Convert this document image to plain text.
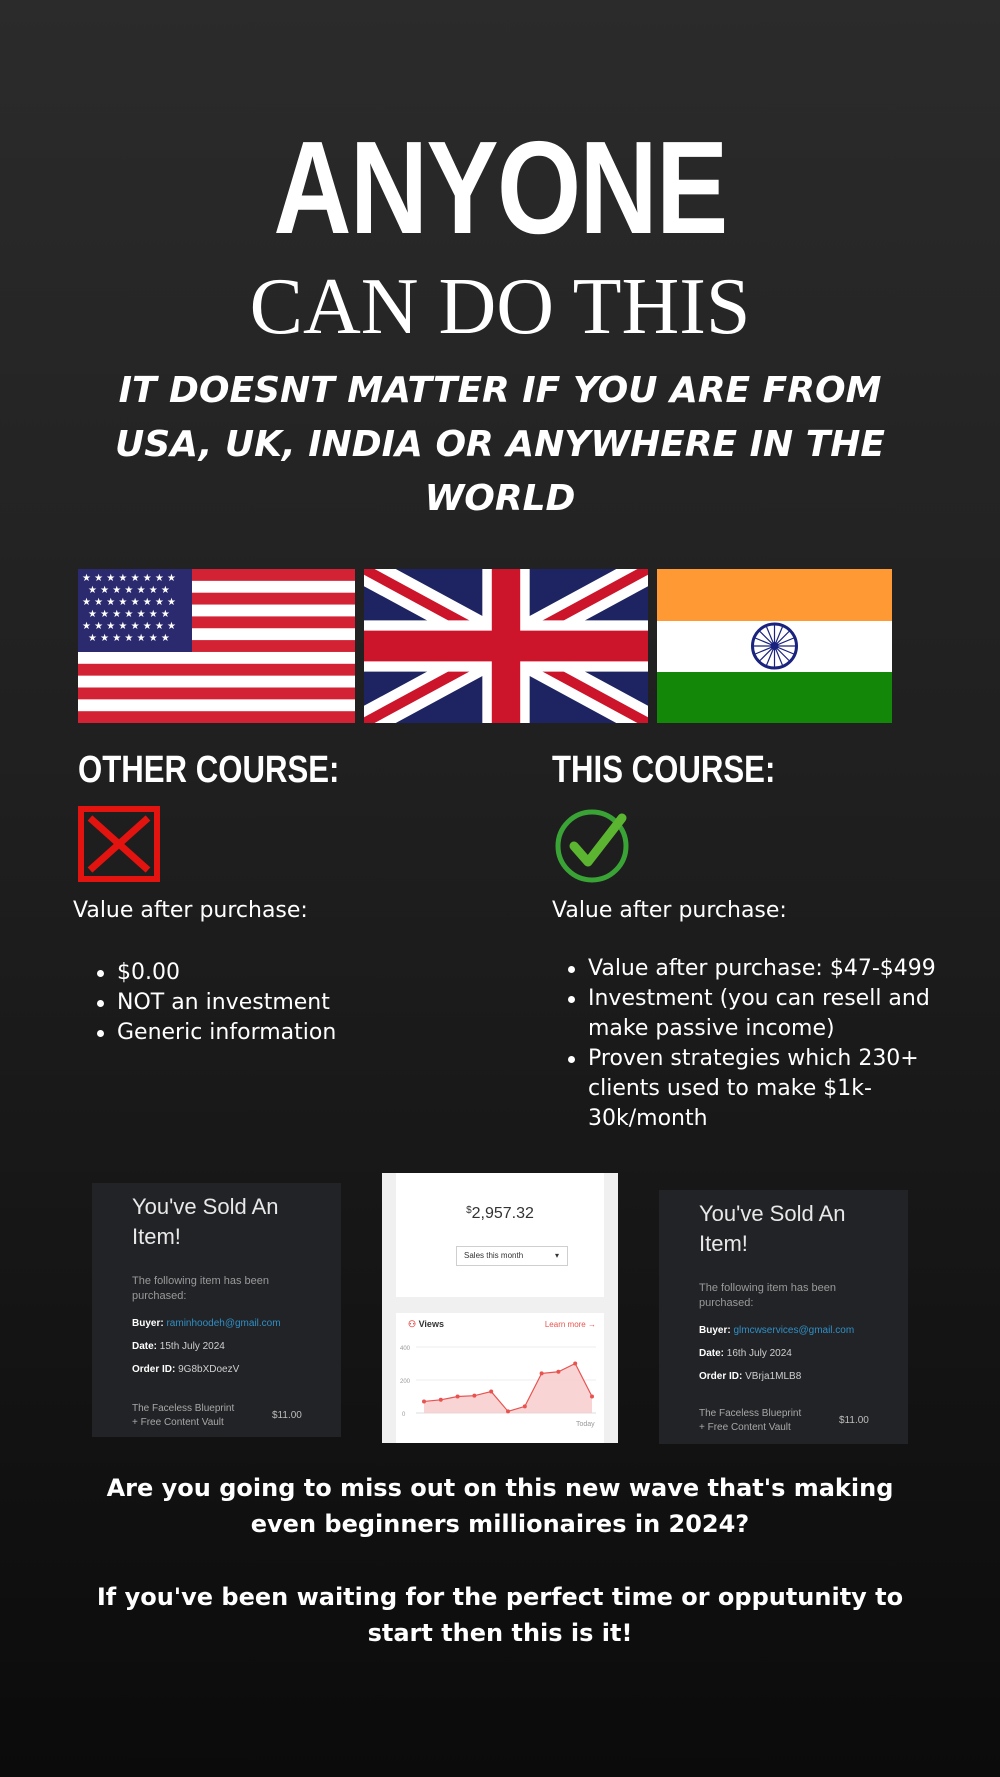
ANYONE
CAN DO THIS
IT DOESNT MATTER IF YOU ARE FROM USA, UK, INDIA OR ANYWHERE IN THE WORLD
★ ★ ★ ★ ★ ★ ★ ★
★ ★ ★ ★ ★ ★ ★
★ ★ ★ ★ ★ ★ ★ ★
★ ★ ★ ★ ★ ★ ★
★ ★ ★ ★ ★ ★ ★ ★
★ ★ ★ ★ ★ ★ ★
OTHER COURSE:
Value after purchase:
$0.00
NOT an investment
Generic information
THIS COURSE:
Value after purchase:
Value after purchase: $47-$499
Investment (you can resell and make passive income)
Proven strategies which 230+ clients used to make $1k-30k/month
You've Sold An Item!
The following item has been purchased:
Buyer: raminhoodeh@gmail.com
Date: 15th July 2024
Order ID: 9G8bXDoezV
The Faceless Blueprint
+ Free Content Vault
$11.00
$2,957.32
Sales this month	▾
⚇ Views	Learn more →
400
200
0
Today
You've Sold An Item!
The following item has been purchased:
Buyer: glmcwservices@gmail.com
Date: 16th July 2024
Order ID: VBrja1MLB8
The Faceless Blueprint
+ Free Content Vault
$11.00
Are you going to miss out on this new wave that's making even beginners millionaires in 2024?
If you've been waiting for the perfect time or opputunity to start then this is it!
